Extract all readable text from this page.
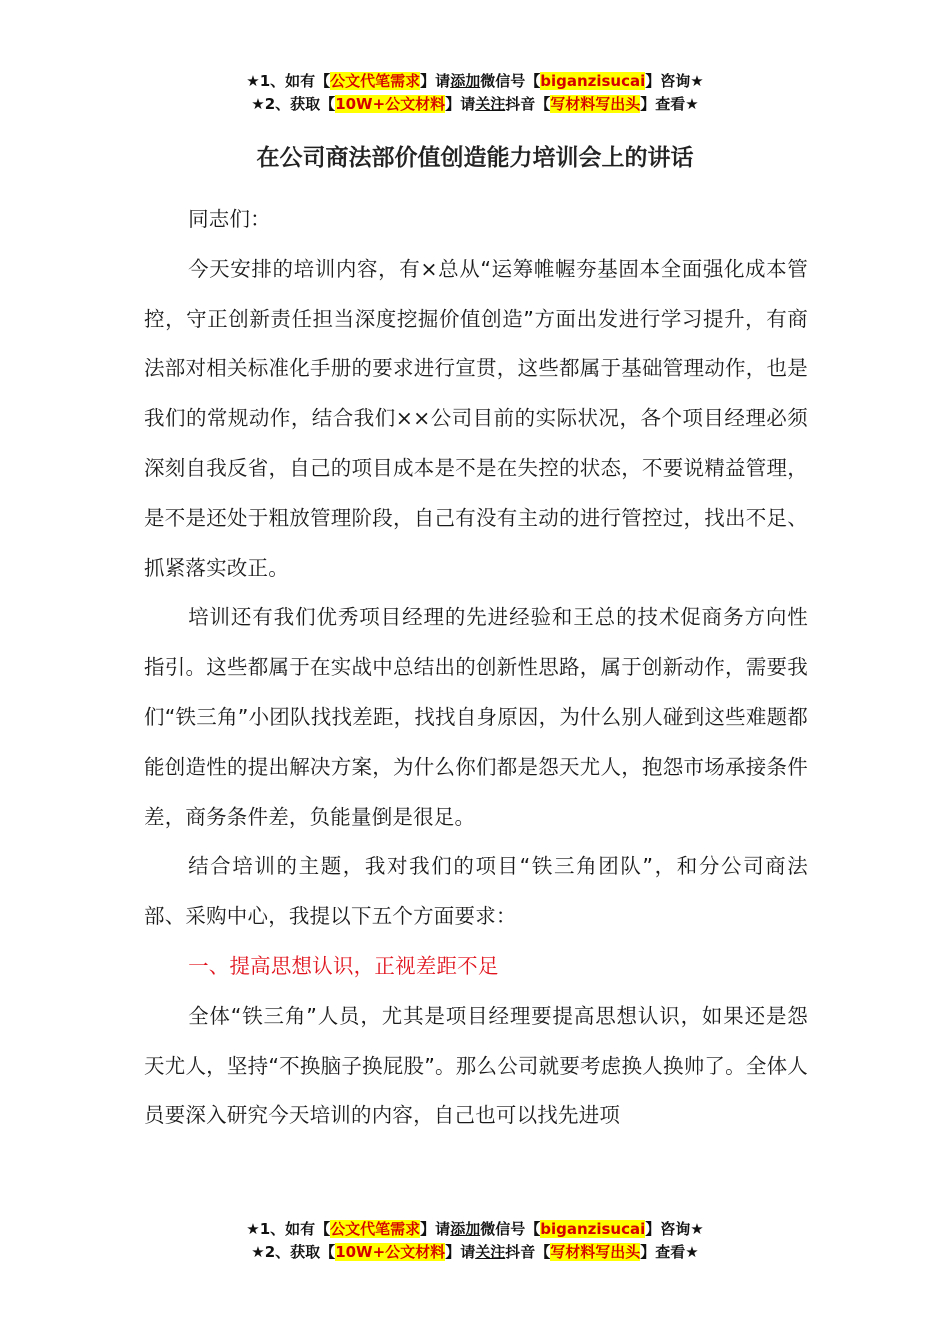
★1、如有【公文代笔需求】请添加微信号【biganzisucai】咨询★
★2、获取【10W+公文材料】请关注抖音【写材料写出头】查看★
在公司商法部价值创造能力培训会上的讲话

同志们：

今天安排的培训内容，有×总从“运筹帷幄夯基固本全面强化成本管控，守正创新责任担当深度挖掘价值创造”方面出发进行学习提升，有商法部对相关标准化手册的要求进行宣贯，这些都属于基础管理动作，也是我们的常规动作，结合我们××公司目前的实际状况，各个项目经理必须深刻自我反省，自己的项目成本是不是在失控的状态，不要说精益管理，是不是还处于粗放管理阶段，自己有没有主动的进行管控过，找出不足、抓紧落实改正。

培训还有我们优秀项目经理的先进经验和王总的技术促商务方向性指引。这些都属于在实战中总结出的创新性思路，属于创新动作，需要我们“铁三角”小团队找找差距，找找自身原因，为什么别人碰到这些难题都能创造性的提出解决方案，为什么你们都是怨天尤人，抱怨市场承接条件差，商务条件差，负能量倒是很足。

结合培训的主题，我对我们的项目“铁三角团队”，和分公司商法部、采购中心，我提以下五个方面要求：

一、提高思想认识，正视差距不足

全体“铁三角”人员，尤其是项目经理要提高思想认识，如果还是怨天尤人，坚持“不换脑子换屁股”。那么公司就要考虑换人换帅了。全体人员要深入研究今天培训的内容，自己也可以找先进项

★1、如有【公文代笔需求】请添加微信号【biganzisucai】咨询★
★2、获取【10W+公文材料】请关注抖音【写材料写出头】查看★
